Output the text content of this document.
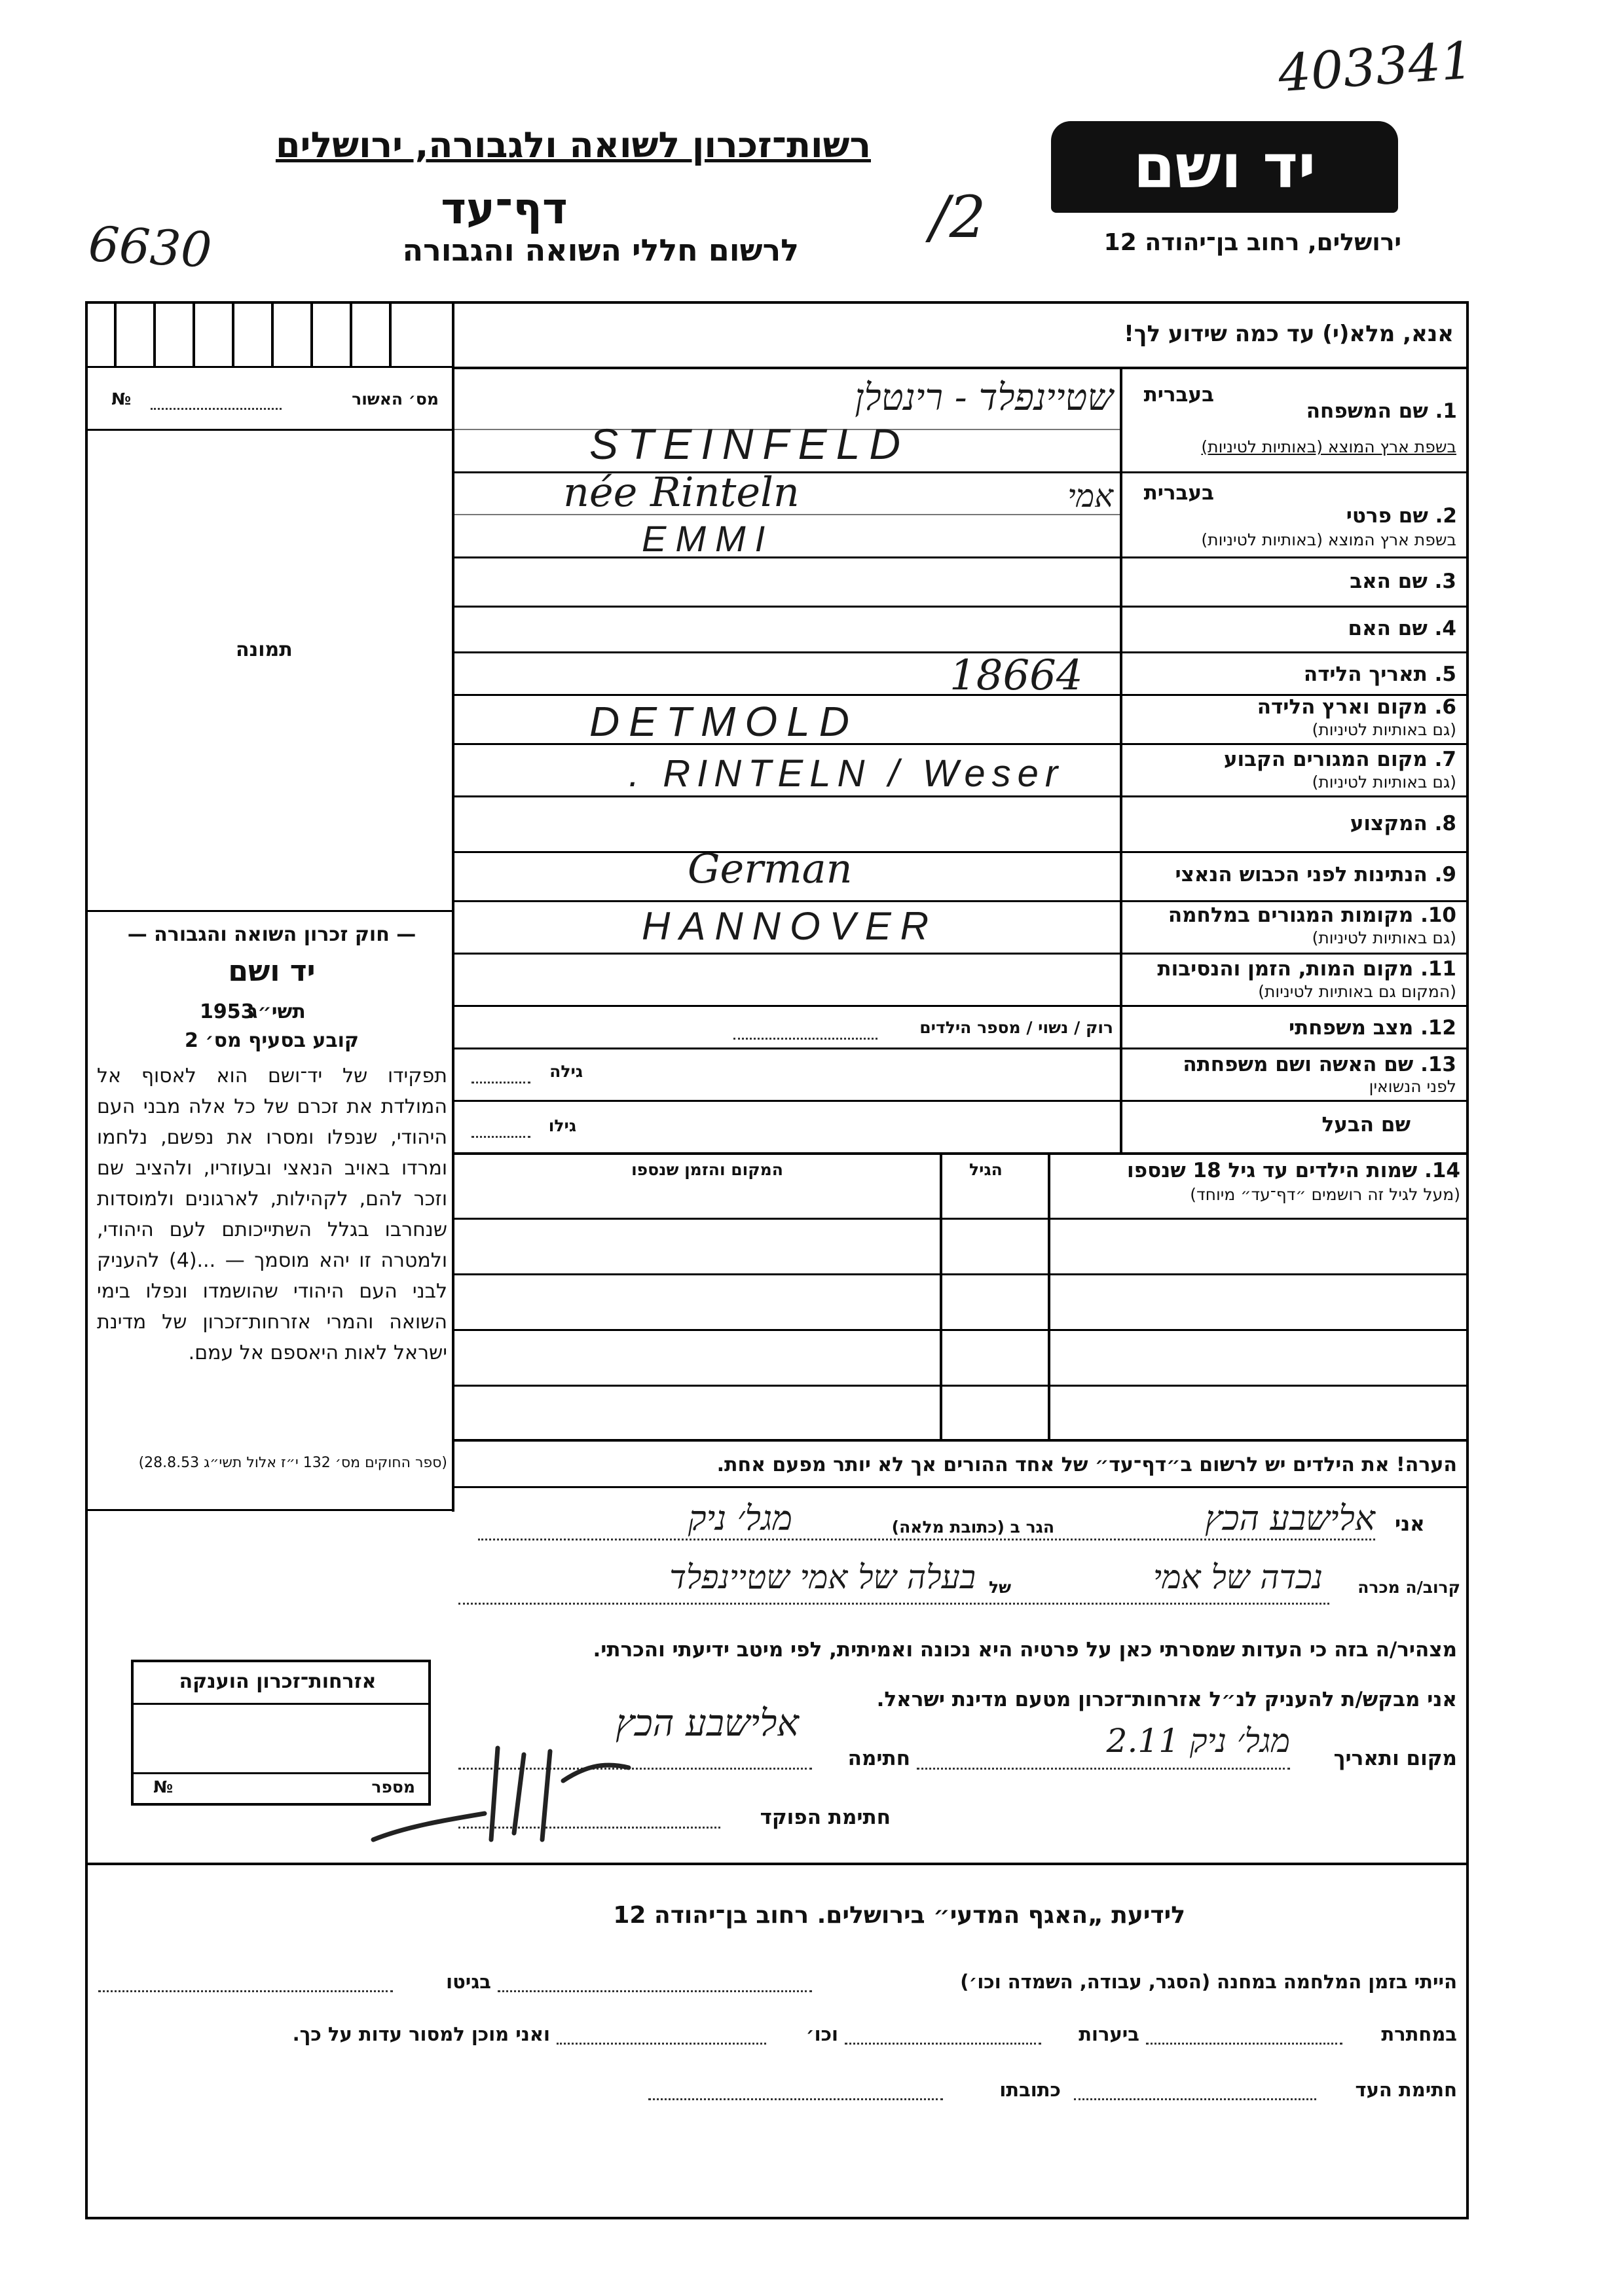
403341
רשות־זכרון לשואה ולגבורה, ירושלים
דף־עד
לרשום חללי השואה והגבורה
6630	/2
יד ושם
ירושלים, רחוב בן־יהודה 12
אנא, מלא(י) עד כמה שידוע לך!
№	מס׳ האשור
תמונה
בעברית
1. שם המשפחה
בשפת ארץ המוצא (באותיות לטיניות)
שטיינפלד - רינטלן
STEINFELD
בעברית
2. שם פרטי
בשפת ארץ המוצא (באותיות לטיניות)
אמי
née Rinteln
EMMI
3. שם האב
4. שם האם
5. תאריך הלידה
18664
6. מקום וארץ הלידה
(גם באותיות לטיניות)
DETMOLD
7. מקום המגורים הקבוע
(גם באותיות לטיניות)
. RINTELN / Weser
8. המקצוע
9. הנתינות לפני הכבוש הנאצי
German
10. מקומות המגורים במלחמה
(גם באותיות לטיניות)
HANNOVER
11. מקום המות, הזמן והנסיבות
(המקום גם באותיות לטיניות)
12. מצב משפחתי
רוק / נשוי / מספר הילדים
13. שם האשה ושם משפחתה
לפני הנשואין
גילה
שם הבעל
גילו
14. שמות הילדים עד גיל 18 שנספו
(מעל לגיל זה רושמים ״דף־עד״ מיוחד)
הגיל
המקום והזמן שנספו
— חוק זכרון השואה והגבורה —
יד ושם
תשי״ג
1953
קובע בסעיף מס׳ 2
תפקידו של יד־ושם הוא לאסוף אל המולדת את זכרם של כל אלה מבני העם היהודי, שנפלו ומסרו את נפשם, נלחמו ומרדו באויב הנאצי ובעוזריו, ולהציב שם וזכר להם, לקהילות, לארגונים ולמוסדות שנחרבו בגלל השתייכותם לעם היהודי, ולמטרה זו יהא מוסמך — ...(4) להעניק לבני העם היהודי שהושמדו ונפלו בימי השואה והמרי אזרחות־זכרון של מדינת ישראל לאות היאספם אל עמם.
(ספר החוקים מס׳ 132 י״ז אלול תשי״ג 28.8.53)	הערה! את הילדים יש לרשום ב״דף־עד״ של אחד ההורים אך לא יותר מפעם אחת.
אני
אלישבע הכץ
הגר ב (כתובת מלאה)
מגל׳ ניק
קרוב/ה מכרה
נכדה של אמי
של
בעלה של אמי שטיינפלד
מצהיר/ה בזה כי העדות שמסרתי כאן על פרטיה היא נכונה ואמיתית, לפי מיטב ידיעתי והכרתי.
אני מבקש/ת להעניק לנ״ל אזרחות־זכרון מטעם מדינת ישראל.
מקום ותאריך
מגל׳ ניק 2.11
חתימה
אלישבע הכץ
חתימת הפוקד
אזרחות־זכרון הוענקה
מספר
№
לידיעת „האגף המדעי״ בירושלים. רחוב בן־יהודה 12
הייתי בזמן המלחמה במחנה (הסגר, עבודה, השמדה וכו׳)
בגיטו
במחתרת
ביערות
וכו׳
ואני מוכן למסור עדות על כך.
חתימת העד
כתובתו
